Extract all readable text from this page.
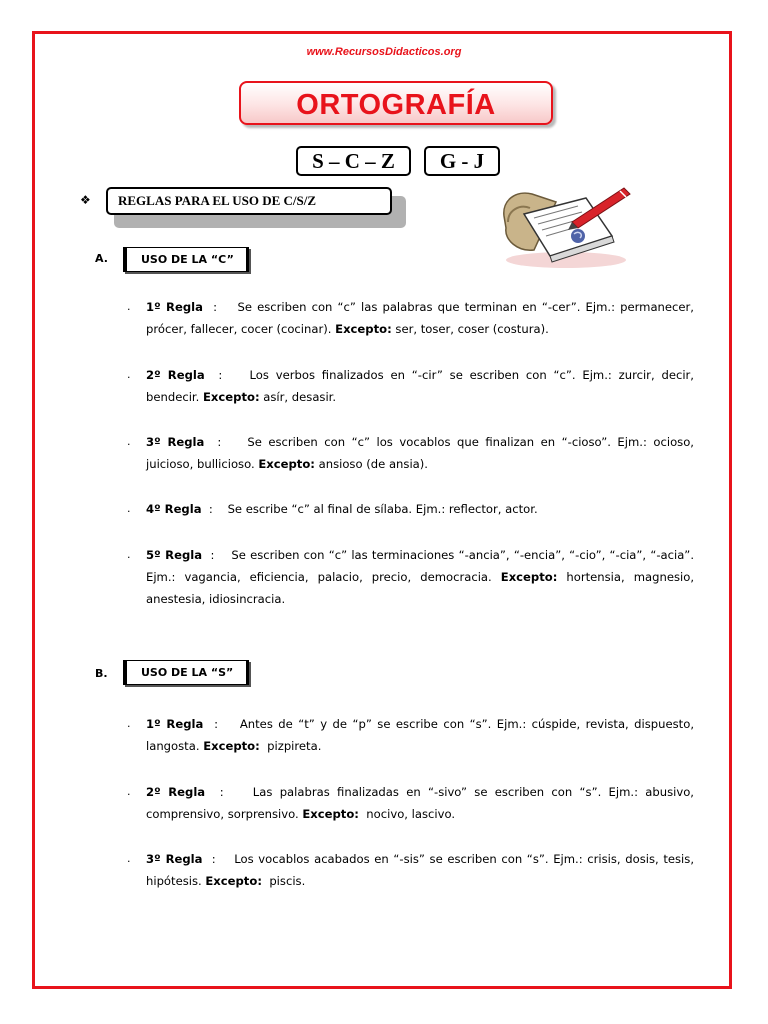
www.RecursosDidacticos.org
ORTOGRAFÍA
S – C – Z	G - J
❖	REGLAS PARA EL USO DE C/S/Z
A.	USO DE LA “C”
. 1º Regla  :    Se escriben con “c” las palabras que terminan en “-cer”. Ejm.: permanecer, prócer, fallecer, cocer (cocinar). Excepto: ser, toser, coser (costura).
. 2º Regla  :    Los verbos finalizados en “-cir” se escriben con “c”. Ejm.: zurcir, decir, bendecir. Excepto: asír, desasir.
. 3º Regla  :    Se escriben con “c” los vocablos que finalizan en “-cioso”. Ejm.: ocioso, juicioso, bullicioso. Excepto: ansioso (de ansia).
. 4º Regla  :    Se escribe “c” al final de sílaba. Ejm.: reflector, actor.
. 5º Regla  :    Se escriben con “c” las terminaciones “-ancia”, “-encia”, “-cio”, “-cia”, “-acia”. Ejm.: vagancia, eficiencia, palacio, precio, democracia. Excepto: hortensia, magnesio, anestesia, idiosincracia.
B.	USO DE LA “S”
. 1º Regla  :    Antes de “t” y de “p” se escribe con “s”. Ejm.: cúspide, revista, dispuesto, langosta. Excepto: pizpireta.
. 2º Regla  :    Las palabras finalizadas en “-sivo” se escriben con “s”. Ejm.: abusivo, comprensivo, sorprensivo. Excepto: nocivo, lascivo.
. 3º Regla  :    Los vocablos acabados en “-sis” se escriben con “s”. Ejm.: crisis, dosis, tesis, hipótesis. Excepto: piscis.
